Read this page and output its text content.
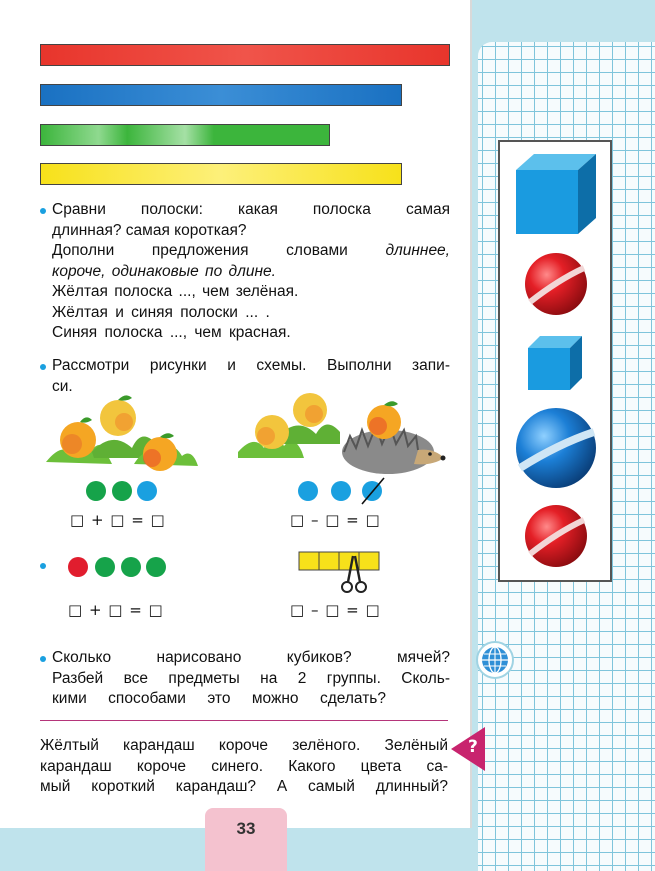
Сравни полоски: какая полоска самая
длинная? самая короткая?
Дополни предложения словами длиннее,
короче, одинаковые по длине.
Жёлтая полоска ..., чем зелёная.
Жёлтая и синяя полоски ... .
Синяя полоска ..., чем красная.
Рассмотри рисунки и схемы. Выполни запи-
си.
□ + □ = □	□ – □ = □
□ + □ = □	□ – □ = □
Сколько нарисовано кубиков? мячей?
Разбей все предметы на 2 группы. Сколь-
кими способами это можно сделать?
Жёлтый карандаш короче зелёного. Зелёный
карандаш короче синего. Какого цвета са-
мый короткий карандаш? А самый длинный?
?
33
